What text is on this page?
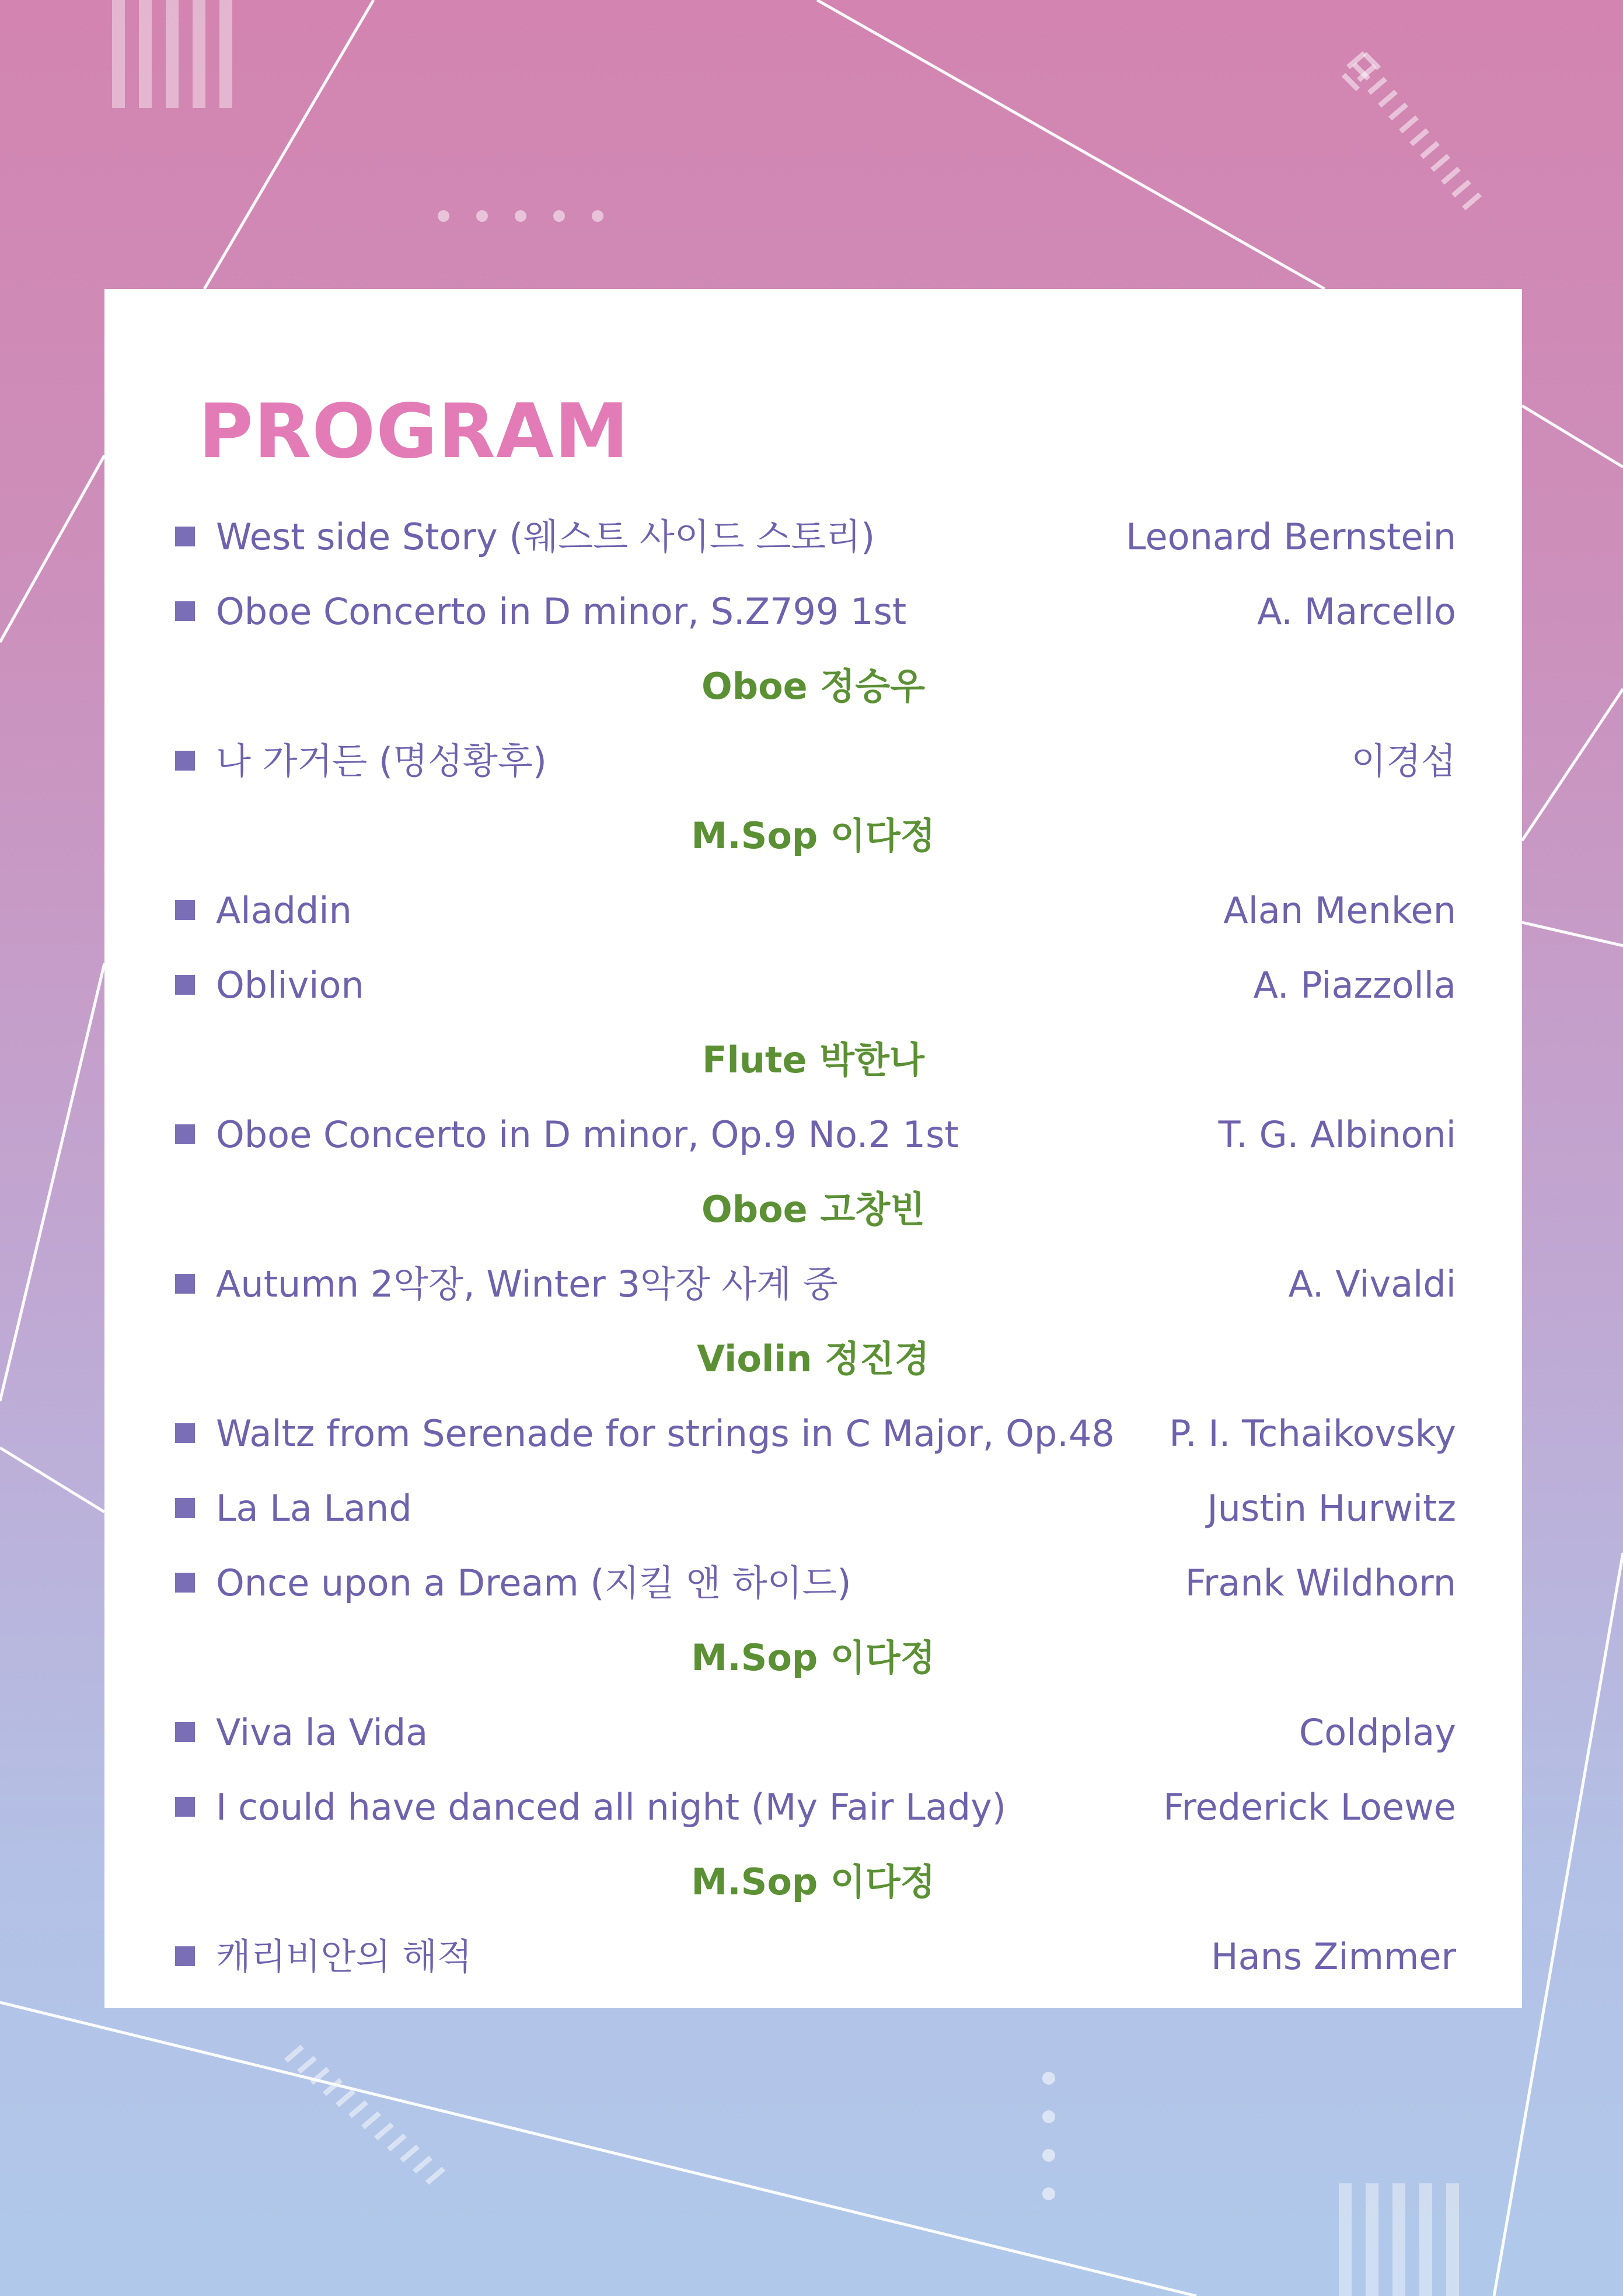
PROGRAM
West side Story (웨스트 사이드 스토리)	Leonard Bernstein
Oboe Concerto in D minor, S.Z799 1st	A. Marcello
Oboe 정승우
나 가거든 (명성황후)	이경섭
M.Sop 이다정
Aladdin	Alan Menken
Oblivion	A. Piazzolla
Flute 박한나
Oboe Concerto in D minor, Op.9 No.2 1st	T. G. Albinoni
Oboe 고창빈
Autumn 2악장, Winter 3악장 사계 중	A. Vivaldi
Violin 정진경
Waltz from Serenade for strings in C Major, Op.48 P. I. Tchaikovsky
La La Land	Justin Hurwitz
Once upon a Dream (지킬 앤 하이드)	Frank Wildhorn
M.Sop 이다정
Viva la Vida	Coldplay
I could have danced all night (My Fair Lady)	Frederick Loewe
M.Sop 이다정
캐리비안의 해적	Hans Zimmer
